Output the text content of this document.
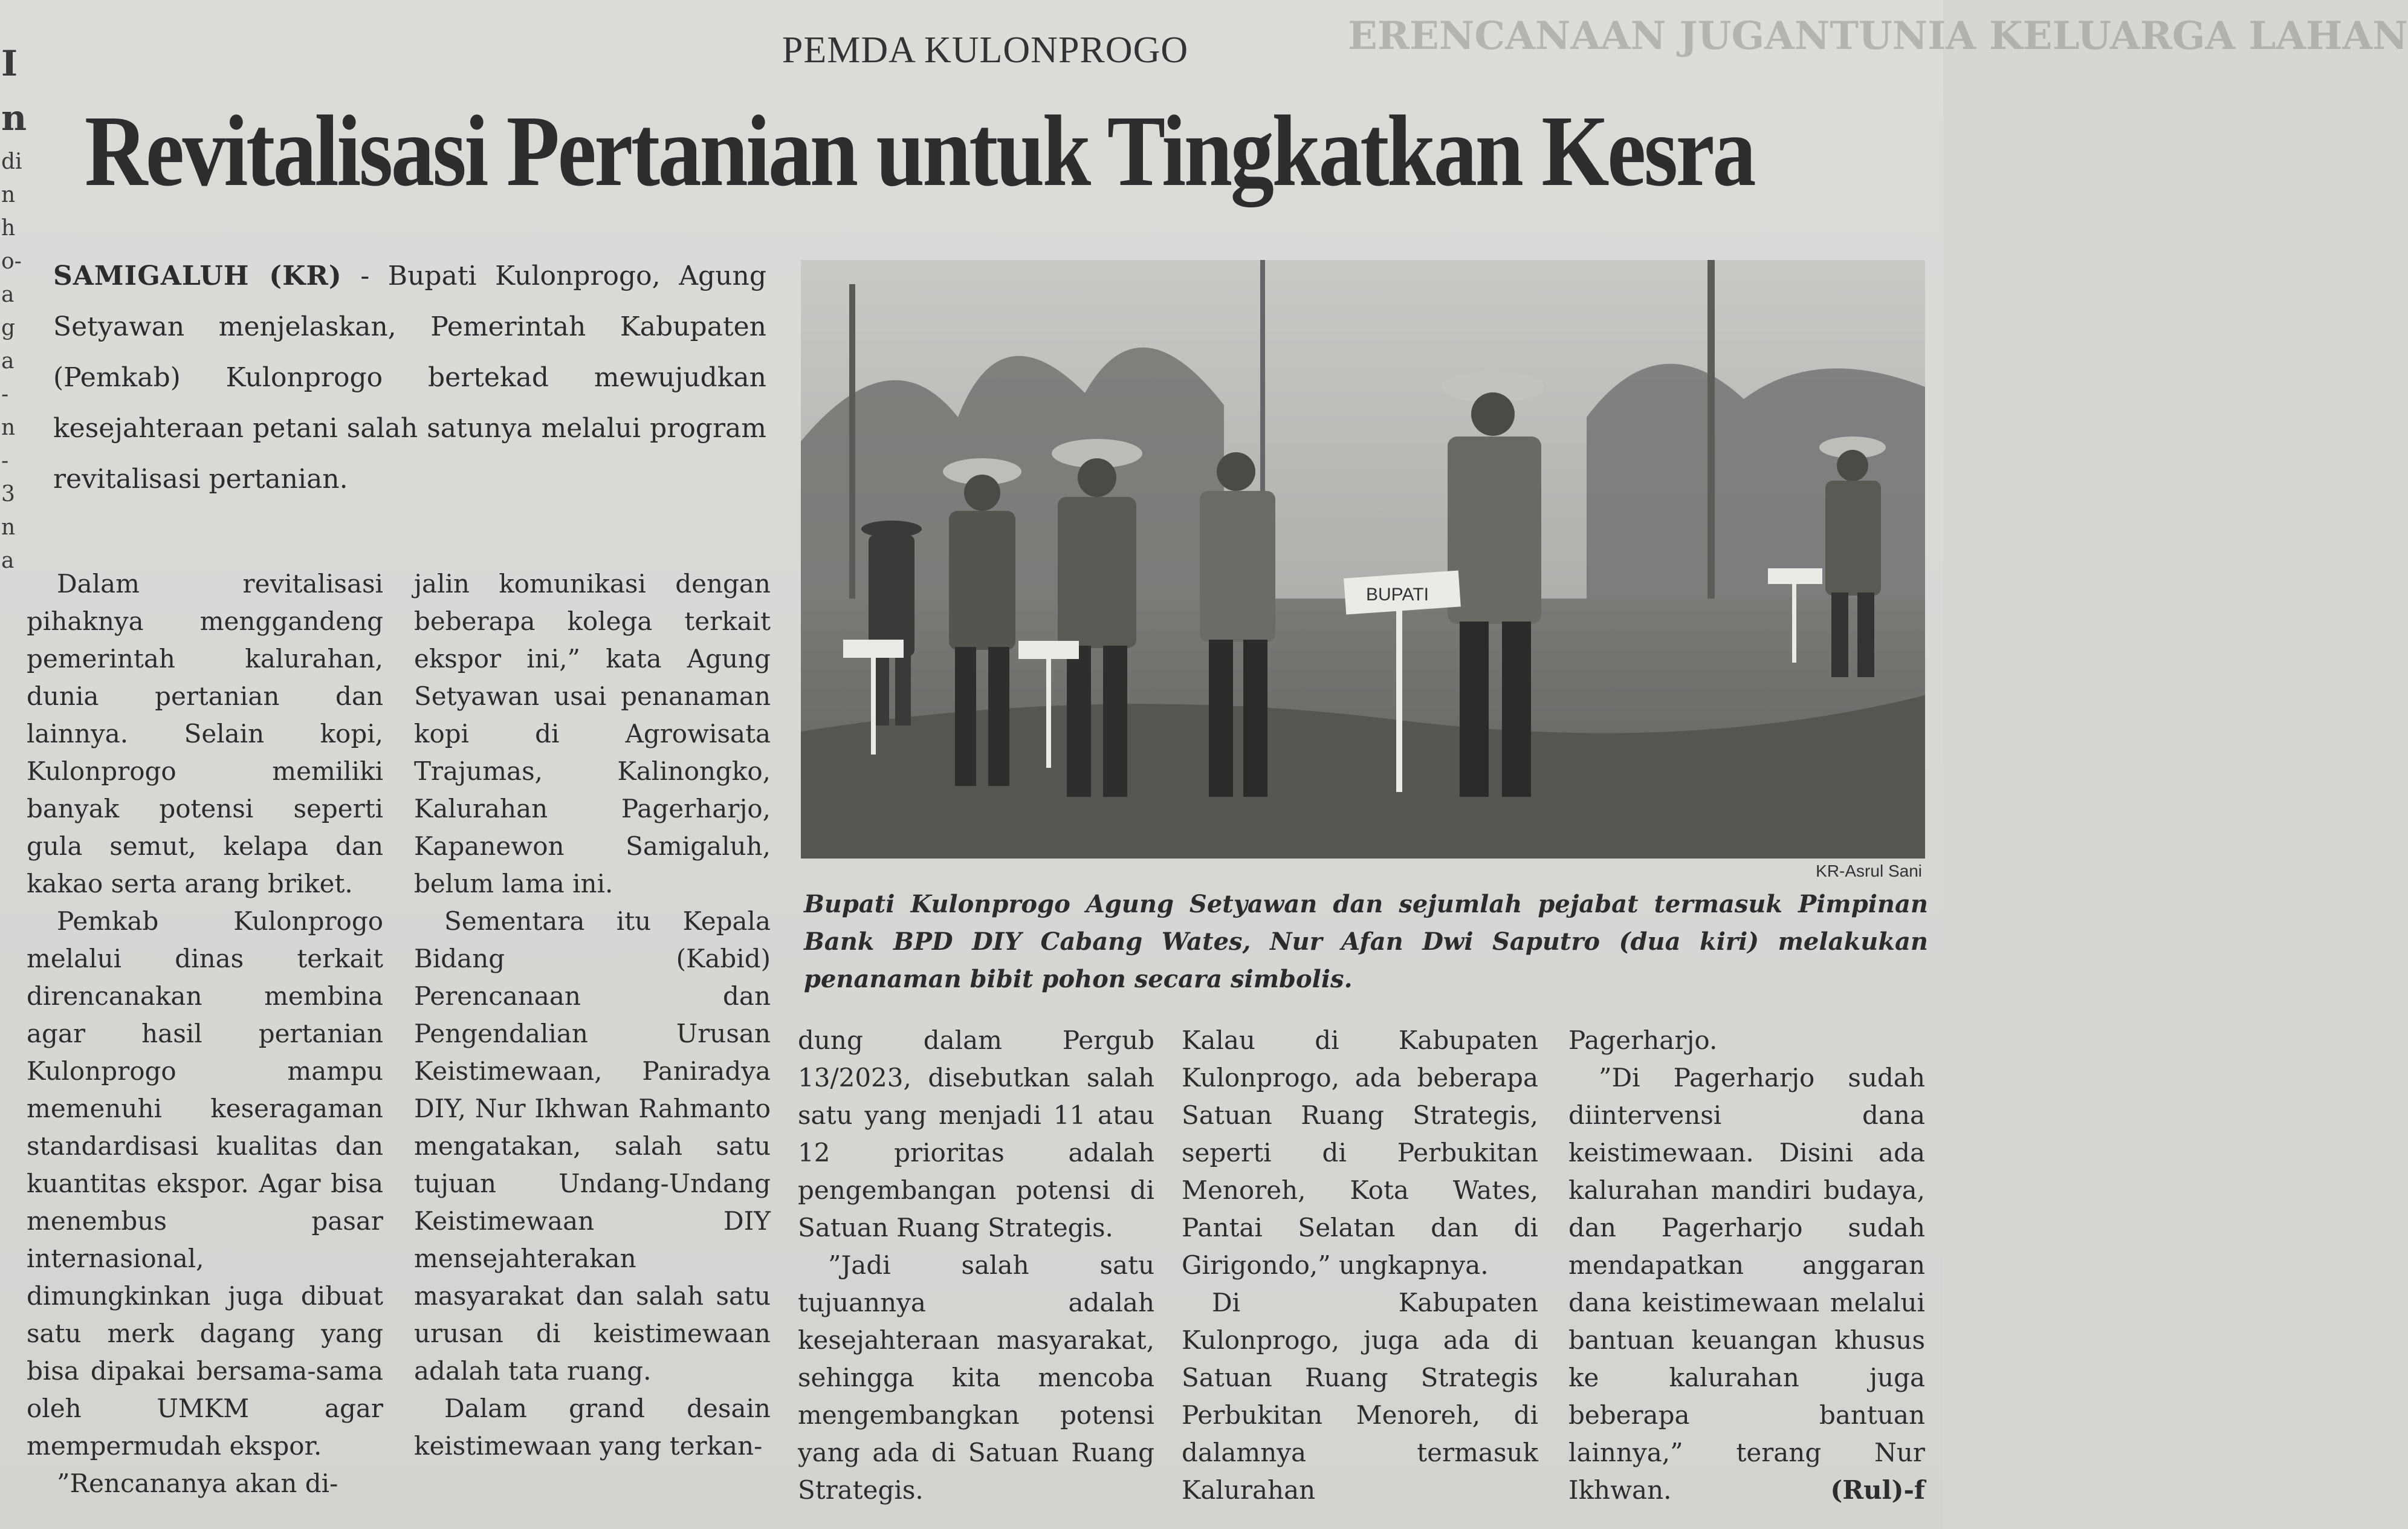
I
n
di
n
h
o-
a
g
a
-
n
-
3
n
a
ERENCANAAN JUGANTUNIA KELUARGA LAHAN
PEMDA KULONPROGO
Revitalisasi Pertanian untuk Tingkatkan Kesra
SAMIGALUH (KR) - Bupati Kulonprogo, Agung Setyawan menjelaskan, Pemerintah Kabupaten (Pemkab) Kulonprogo bertekad mewujudkan kesejahteraan petani salah satunya melalui program revitalisasi pertanian.
BUPATI
KR-Asrul Sani
Bupati Kulonprogo Agung Setyawan dan sejumlah pejabat termasuk Pimpinan Bank BPD DIY Cabang Wates, Nur Afan Dwi Saputro (dua kiri) melakukan penanaman bibit pohon secara simbolis.

Dalam revitalisasi pihaknya menggandeng pemerintah kalurahan, dunia pertanian dan lainnya. Selain kopi, Kulonprogo memiliki banyak potensi seperti gula semut, kelapa dan kakao serta arang briket.

Pemkab Kulonprogo melalui dinas terkait direncanakan membina agar hasil pertanian Kulonprogo mampu memenuhi keseragaman standardisasi kualitas dan kuantitas ekspor. Agar bisa menembus pasar internasional, dimungkinkan juga dibuat satu merk dagang yang bisa dipakai bersama-sama oleh UMKM agar mempermudah ekspor.

”Rencananya akan di-

jalin komunikasi dengan beberapa kolega terkait ekspor ini,” kata Agung Setyawan usai penanaman kopi di Agrowisata Trajumas, Kalinongko, Kalurahan Pagerharjo, Kapanewon Samigaluh, belum lama ini.

Sementara itu Kepala Bidang (Kabid) Perencanaan dan Pengendalian Urusan Keistimewaan, Paniradya DIY, Nur Ikhwan Rahmanto mengatakan, salah satu tujuan Undang-Undang Keistimewaan DIY mensejahterakan masyarakat dan salah satu urusan di keistimewaan adalah tata ruang.

Dalam grand desain keistimewaan yang terkan-

dung dalam Pergub 13/2023, disebutkan salah satu yang menjadi 11 atau 12 prioritas adalah pengembangan potensi di Satuan Ruang Strategis.

”Jadi salah satu tujuannya adalah kesejahteraan masyarakat, sehingga kita mencoba mengembangkan potensi yang ada di Satuan Ruang Strategis.

Kalau di Kabupaten Kulonprogo, ada beberapa Satuan Ruang Strategis, seperti di Perbukitan Menoreh, Kota Wates, Pantai Selatan dan di Girigondo,” ungkapnya.

Di Kabupaten Kulonprogo, juga ada di Satuan Ruang Strategis Perbukitan Menoreh, di dalamnya termasuk Kalurahan

Pagerharjo.

”Di Pagerharjo sudah diintervensi dana keistimewaan. Disini ada kalurahan mandiri budaya, dan Pagerharjo sudah mendapatkan anggaran dana keistimewaan melalui bantuan keuangan khusus ke kalurahan juga beberapa bantuan lainnya,” terang Nur Ikhwan.	(Rul)-f
